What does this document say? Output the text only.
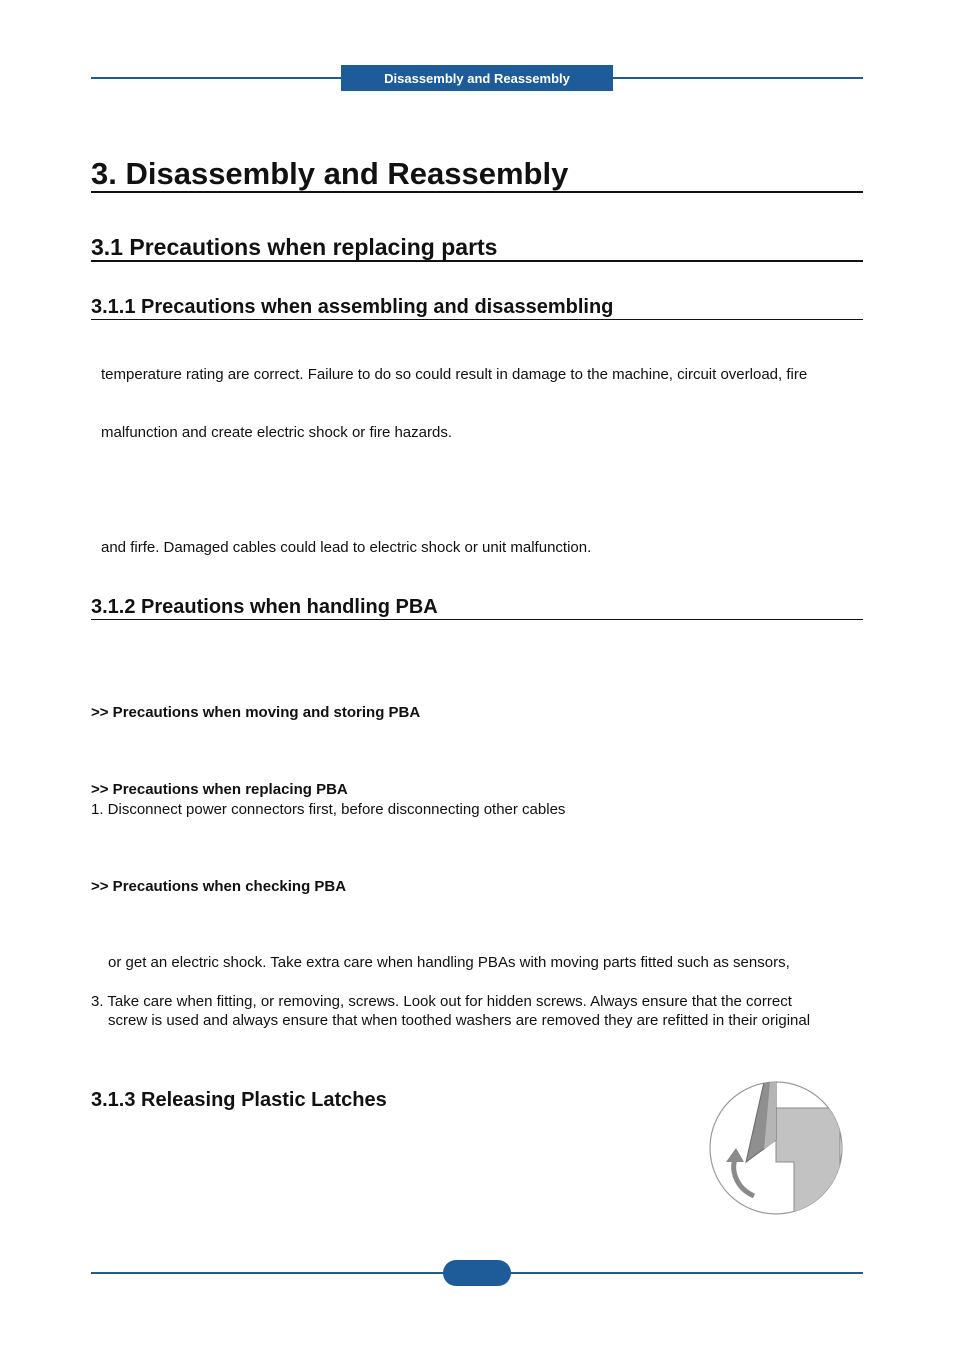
Disassembly and Reassembly
3. Disassembly and Reassembly
3.1 Precautions when replacing parts
3.1.1 Precautions when assembling and disassembling
temperature rating are correct. Failure to do so could result in damage to the machine, circuit overload, fire
malfunction and create electric shock or fire hazards.
and firfe. Damaged cables could lead to electric shock or unit malfunction.
3.1.2 Preautions when handling PBA
>> Precautions when moving and storing PBA
>> Precautions when replacing PBA
1. Disconnect power connectors first, before disconnecting other cables
>> Precautions when checking PBA
or get an electric shock. Take extra care when handling PBAs with moving parts fitted such as sensors,
3. Take care when fitting, or removing, screws. Look out for hidden screws. Always ensure that the correct
screw is used and always ensure that when toothed washers are removed they are refitted in their original
3.1.3 Releasing Plastic Latches
